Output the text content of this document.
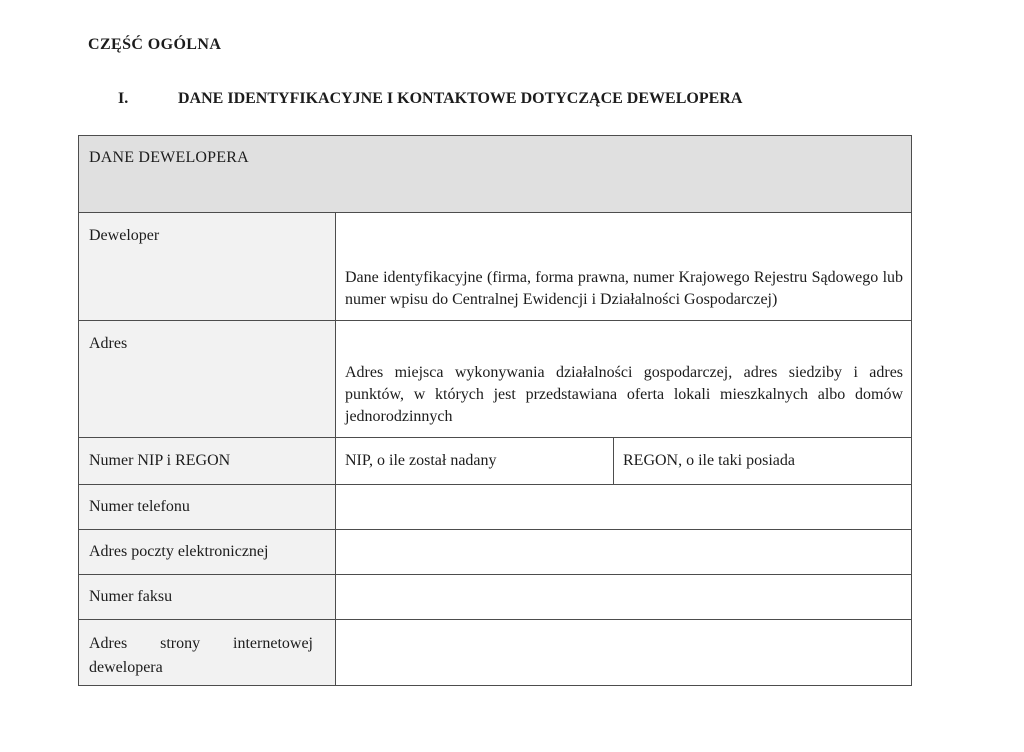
CZĘŚĆ OGÓLNA
I.	DANE IDENTYFIKACYJNE I KONTAKTOWE DOTYCZĄCE DEWELOPERA
DANE DEWELOPERA		
Deweloper	Dane identyfikacyjne (firma, forma prawna, numer Krajowego Rejestru Sądowego lub numer wpisu do Centralnej Ewidencji i Działalności Gospodarczej)	
Adres	Adres miejsca wykonywania działalności gospodarczej, adres siedziby i adres punktów, w których jest przedstawiana oferta lokali mieszkalnych albo domów jednorodzinnych	
Numer NIP i REGON	NIP, o ile został nadany	REGON, o ile taki posiada
Numer telefonu		
Adres poczty elektronicznej		
Numer faksu		

Adres strony internetowej dewelopera		
